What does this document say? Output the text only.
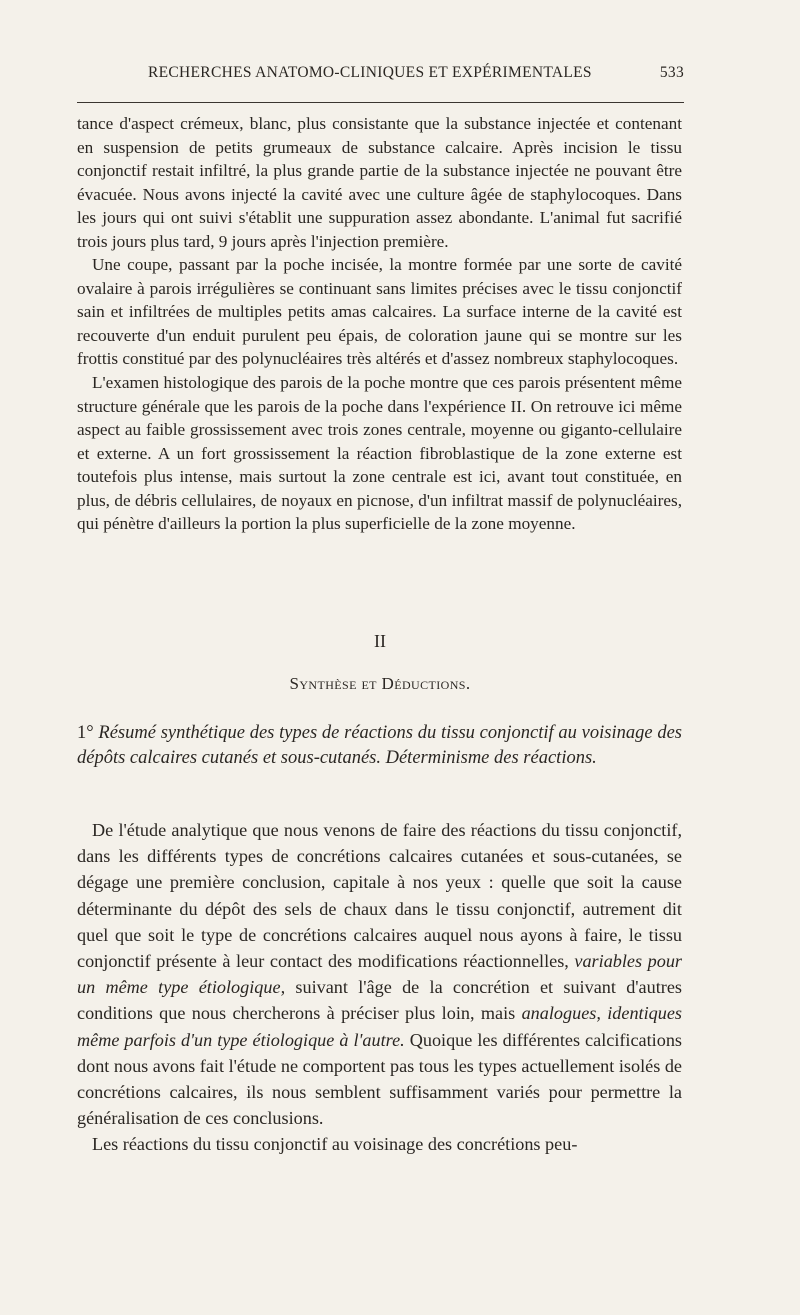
RECHERCHES ANATOMO-CLINIQUES ET EXPÉRIMENTALES	533

tance d'aspect crémeux, blanc, plus consistante que la substance injectée et contenant en suspension de petits grumeaux de substance calcaire. Après incision le tissu conjonctif restait infiltré, la plus grande partie de la substance injectée ne pouvant être évacuée. Nous avons injecté la cavité avec une culture âgée de staphylocoques. Dans les jours qui ont suivi s'établit une suppuration assez abondante. L'animal fut sacrifié trois jours plus tard, 9 jours après l'injection première.

Une coupe, passant par la poche incisée, la montre formée par une sorte de cavité ovalaire à parois irrégulières se continuant sans limites précises avec le tissu conjonctif sain et infiltrées de multiples petits amas calcaires. La surface interne de la cavité est recouverte d'un enduit purulent peu épais, de coloration jaune qui se montre sur les frottis constitué par des polynucléaires très altérés et d'assez nombreux staphylocoques.

L'examen histologique des parois de la poche montre que ces parois présentent même structure générale que les parois de la poche dans l'expérience II. On retrouve ici même aspect au faible grossissement avec trois zones centrale, moyenne ou giganto-cellulaire et externe. A un fort grossissement la réaction fibroblastique de la zone externe est toutefois plus intense, mais surtout la zone centrale est ici, avant tout constituée, en plus, de débris cellulaires, de noyaux en picnose, d'un infiltrat massif de polynucléaires, qui pénètre d'ailleurs la portion la plus superficielle de la zone moyenne.

II
Synthèse et Déductions.
1° Résumé synthétique des types de réactions du tissu conjonctif au voisinage des dépôts calcaires cutanés et sous-cutanés. Déterminisme des réactions.

De l'étude analytique que nous venons de faire des réactions du tissu conjonctif, dans les différents types de concrétions calcaires cutanées et sous-cutanées, se dégage une première conclusion, capitale à nos yeux : quelle que soit la cause déterminante du dépôt des sels de chaux dans le tissu conjonctif, autrement dit quel que soit le type de concrétions calcaires auquel nous ayons à faire, le tissu conjonctif présente à leur contact des modifications réactionnelles, variables pour un même type étiologique, suivant l'âge de la concrétion et suivant d'autres conditions que nous chercherons à préciser plus loin, mais analogues, identiques même parfois d'un type étiologique à l'autre. Quoique les différentes calcifications dont nous avons fait l'étude ne comportent pas tous les types actuellement isolés de concrétions calcaires, ils nous semblent suffisamment variés pour permettre la généralisation de ces conclusions.

Les réactions du tissu conjonctif au voisinage des concrétions peu-
